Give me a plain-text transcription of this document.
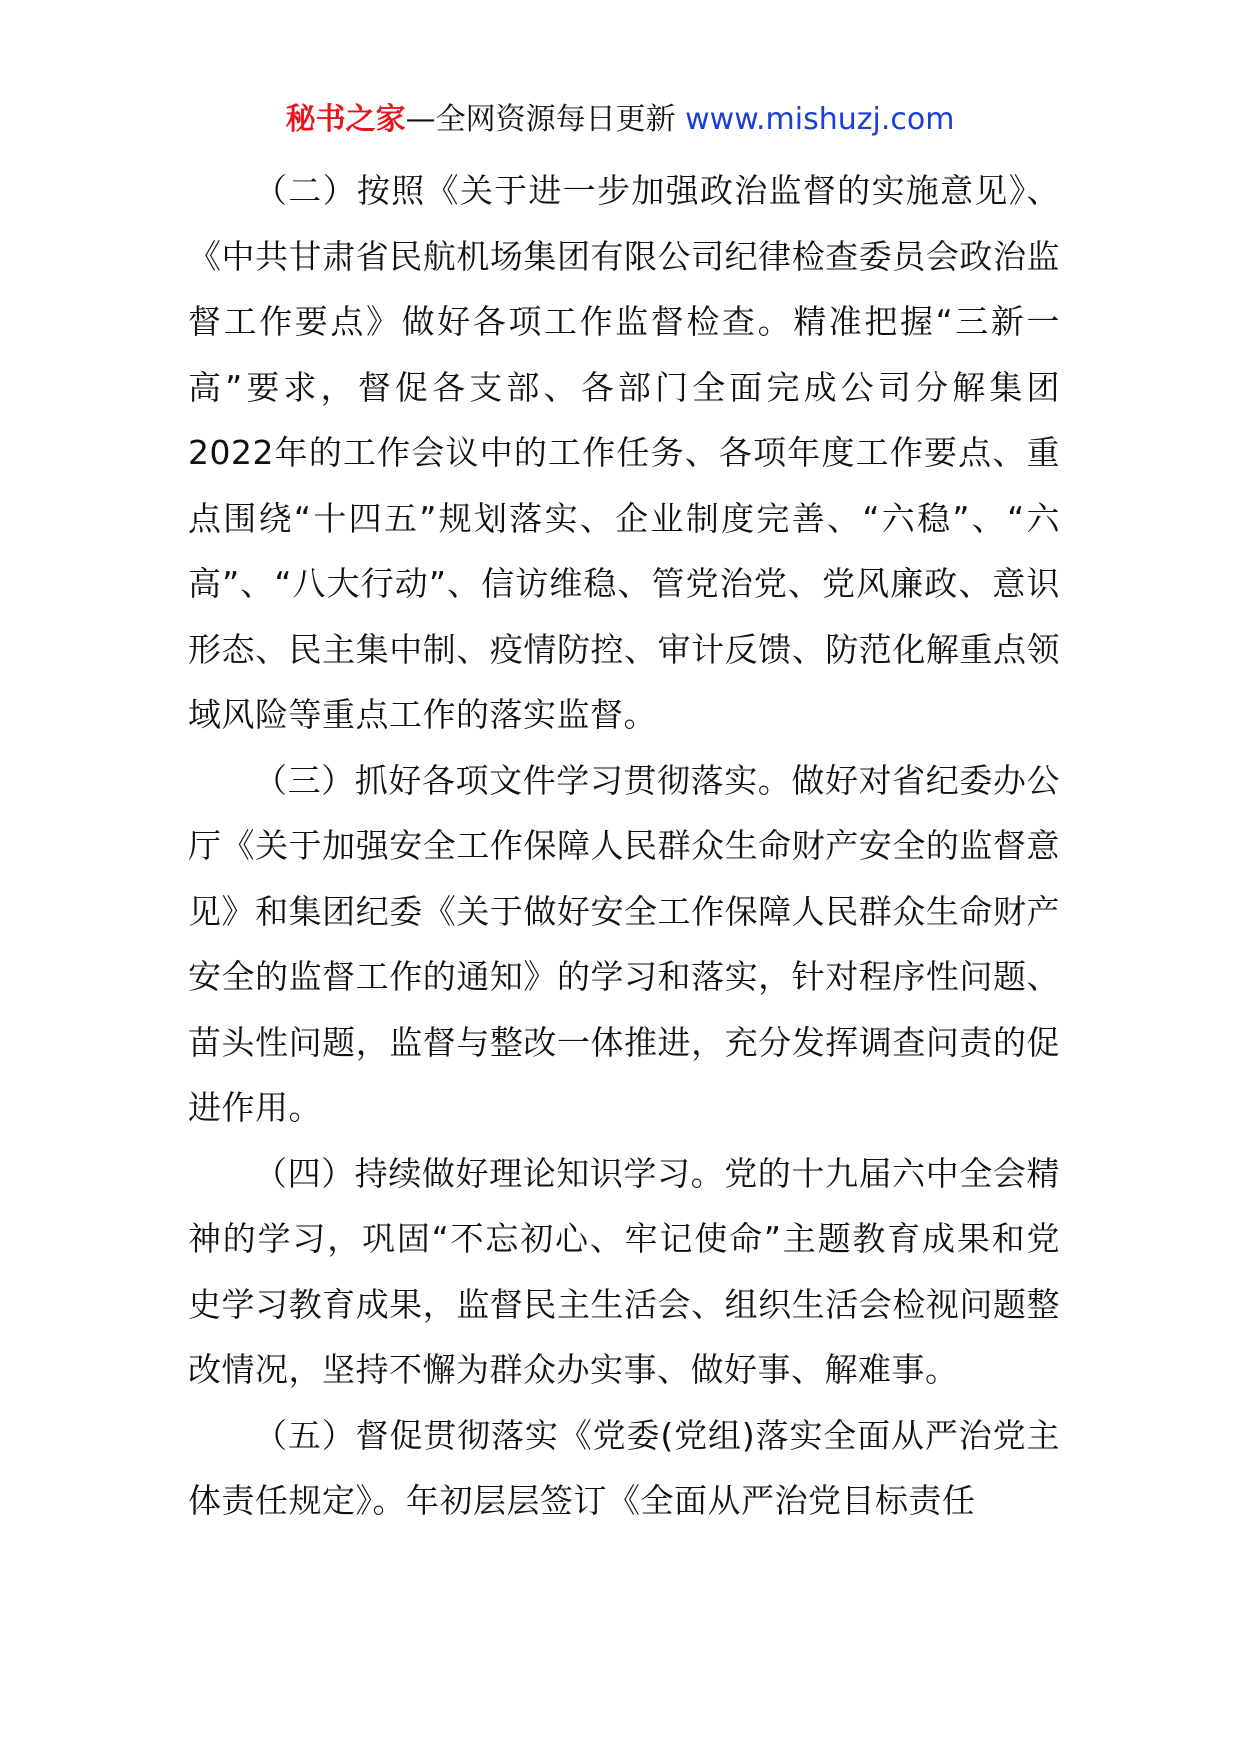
秘书之家—全网资源每日更新 www.mishuzj.com

（二）按照《关于进一步加强政治监督的实施意见》、《中共甘肃省民航机场集团有限公司纪律检查委员会政治监督工作要点》做好各项工作监督检查。精准把握“三新一高”要求，督促各支部、各部门全面完成公司分解集团2022年的工作会议中的工作任务、各项年度工作要点、重点围绕“十四五”规划落实、企业制度完善、“六稳”、“六高”、“八大行动”、信访维稳、管党治党、党风廉政、意识形态、民主集中制、疫情防控、审计反馈、防范化解重点领域风险等重点工作的落实监督。

（三）抓好各项文件学习贯彻落实。做好对省纪委办公厅《关于加强安全工作保障人民群众生命财产安全的监督意见》和集团纪委《关于做好安全工作保障人民群众生命财产安全的监督工作的通知》的学习和落实，针对程序性问题、苗头性问题，监督与整改一体推进，充分发挥调查问责的促进作用。

（四）持续做好理论知识学习。党的十九届六中全会精神的学习，巩固“不忘初心、牢记使命”主题教育成果和党史学习教育成果，监督民主生活会、组织生活会检视问题整改情况，坚持不懈为群众办实事、做好事、解难事。

（五）督促贯彻落实《党委(党组)落实全面从严治党主体责任规定》。年初层层签订《全面从严治党目标责任
